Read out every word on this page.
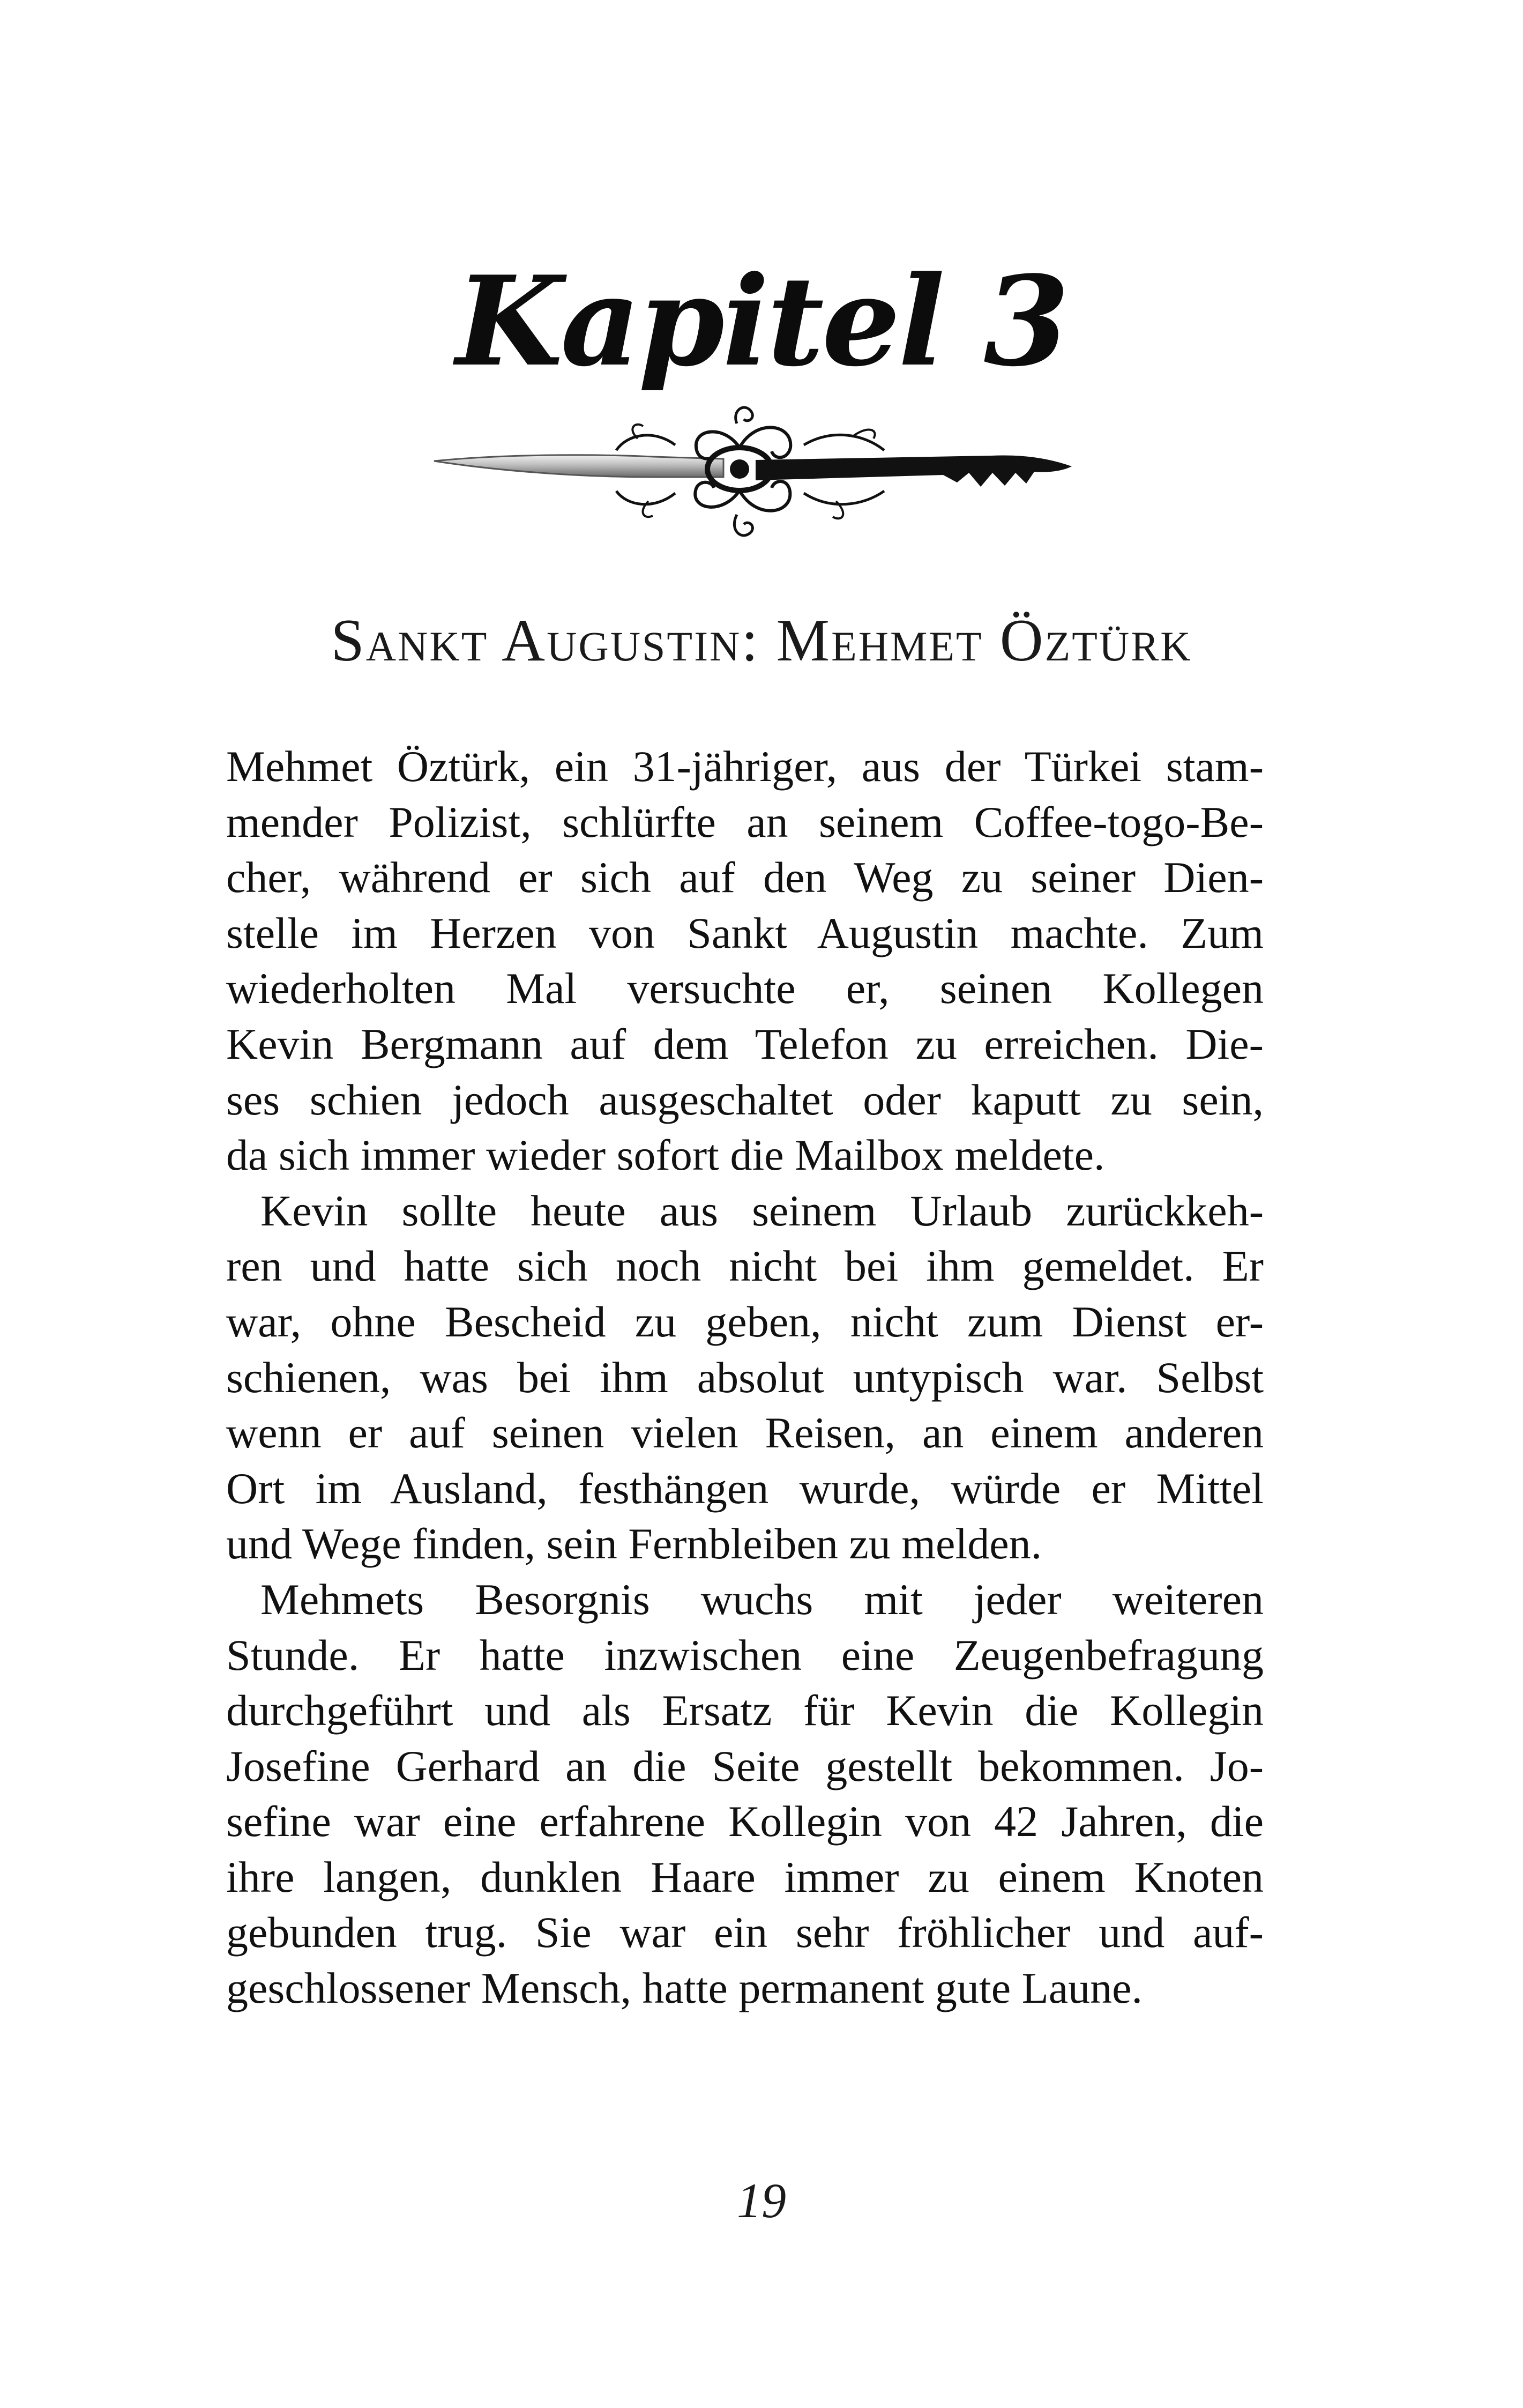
Kapitel 3
Sankt Augustin: Mehmet Öztürk
Mehmet Öztürk, ein 31-jähriger, aus der Türkei stam-
mender Polizist, schlürfte an seinem Coffee-togo-Be-
cher, während er sich auf den Weg zu seiner Dien-
stelle im Herzen von Sankt Augustin machte. Zum
wiederholten Mal versuchte er, seinen Kollegen
Kevin Bergmann auf dem Telefon zu erreichen. Die-
ses schien jedoch ausgeschaltet oder kaputt zu sein,
da sich immer wieder sofort die Mailbox meldete.
Kevin sollte heute aus seinem Urlaub zurückkeh-
ren und hatte sich noch nicht bei ihm gemeldet. Er
war, ohne Bescheid zu geben, nicht zum Dienst er-
schienen, was bei ihm absolut untypisch war. Selbst
wenn er auf seinen vielen Reisen, an einem anderen
Ort im Ausland, festhängen wurde, würde er Mittel
und Wege finden, sein Fernbleiben zu melden.
Mehmets Besorgnis wuchs mit jeder weiteren
Stunde. Er hatte inzwischen eine Zeugenbefragung
durchgeführt und als Ersatz für Kevin die Kollegin
Josefine Gerhard an die Seite gestellt bekommen. Jo-
sefine war eine erfahrene Kollegin von 42 Jahren, die
ihre langen, dunklen Haare immer zu einem Knoten
gebunden trug. Sie war ein sehr fröhlicher und auf-
geschlossener Mensch, hatte permanent gute Laune.
19
